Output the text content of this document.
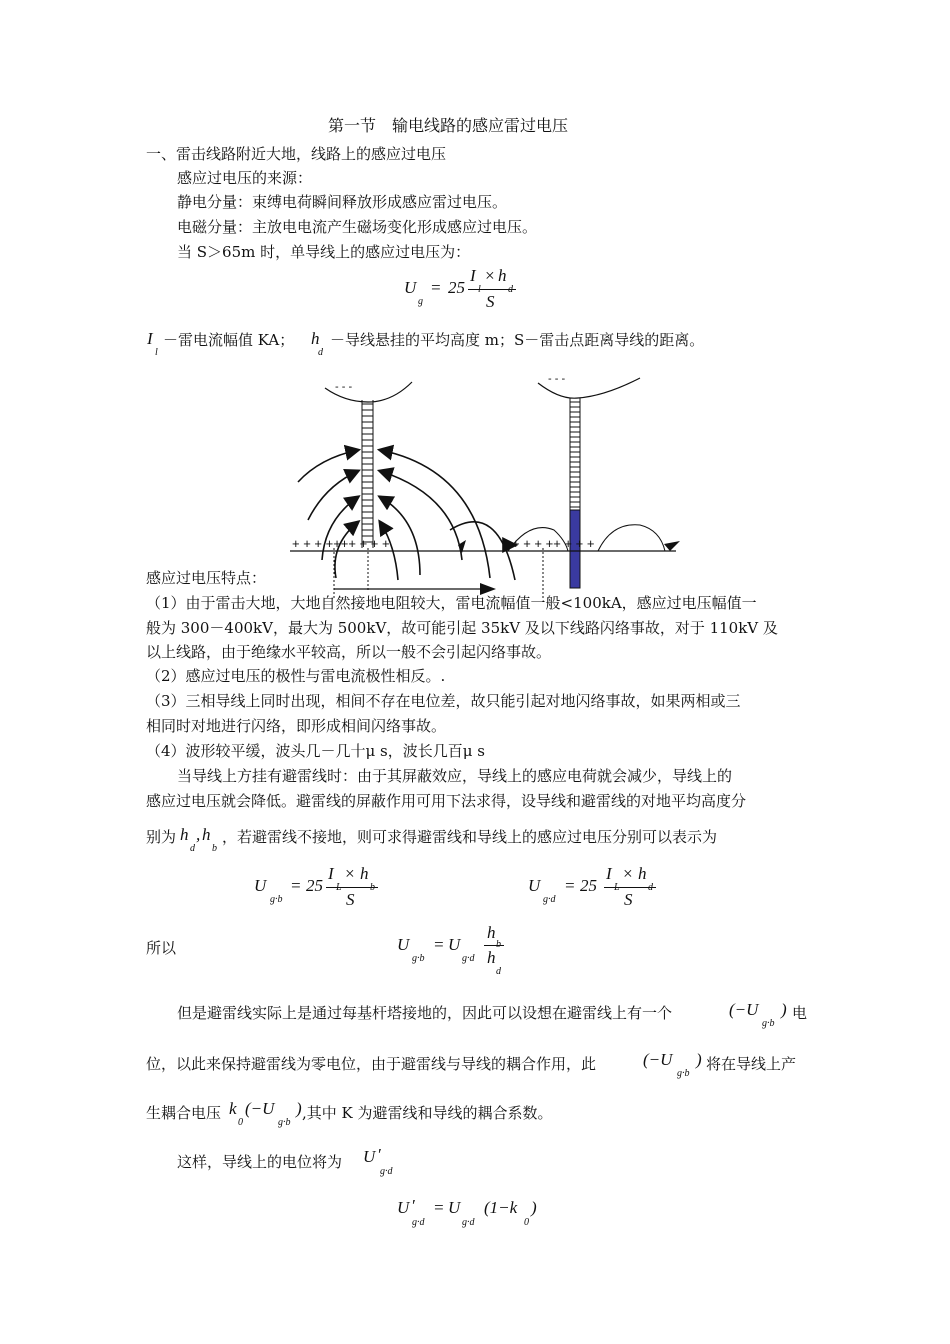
第一节　输电线路的感应雷过电压
一、雷击线路附近大地，线路上的感应过电压
感应过电压的来源：
静电分量：束缚电荷瞬间释放形成感应雷过电压。
电磁分量：主放电电流产生磁场变化形成感应过电压。
当 S＞65m 时，单导线上的感应过电压为：
U
g
= 25
I × h
S
I
l
－雷电流幅值 KA； h
d
－导线悬挂的平均高度 m；S－雷击点距离导线的距离。
- - -
- - -
+ + + ++++ + + +	+ + + ++ + + +
感应过电压特点：
（1）由于雷击大地，大地自然接地电阻较大，雷电流幅值一般<100kA，感应过电压幅值一
般为 300－400kV，最大为 500kV，故可能引起 35kV 及以下线路闪络事故，对于 110kV 及
以上线路，由于绝缘水平较高，所以一般不会引起闪络事故。
（2）感应过电压的极性与雷电流极性相反。.
（3）三相导线上同时出现，相间不存在电位差，故只能引起对地闪络事故，如果两相或三
相同时对地进行闪络，即形成相间闪络事故。
（4）波形较平缓，波头几－几十μ s，波长几百μ s
当导线上方挂有避雷线时：由于其屏蔽效应，导线上的感应电荷就会减少，导线上的
感应过电压就会降低。避雷线的屏蔽作用可用下法求得，设导线和避雷线的对地平均高度分
别为 h
d
, h
b
，若避雷线不接地，则可求得避雷线和导线上的感应过电压分别可以表示为
U
g·b
= 25
I × h
S
U
g·d
= 25
I × h
S
所以	U
g·b
= U
g·d
h
h
d
但是避雷线实际上是通过每基杆塔接地的，因此可以设想在避雷线上有一个	(−U
g·b
) 电
位，以此来保持避雷线为零电位，由于避雷线与导线的耦合作用，此	(−U
g·b
) 将在导线上产
生耦合电压 k
0
(−U
g·b
) ,其中 K 为避雷线和导线的耦合系数。
这样，导线上的电位将为 U ′
g·d
U ′
g·d
= U
g·d
(1−k
0
)
